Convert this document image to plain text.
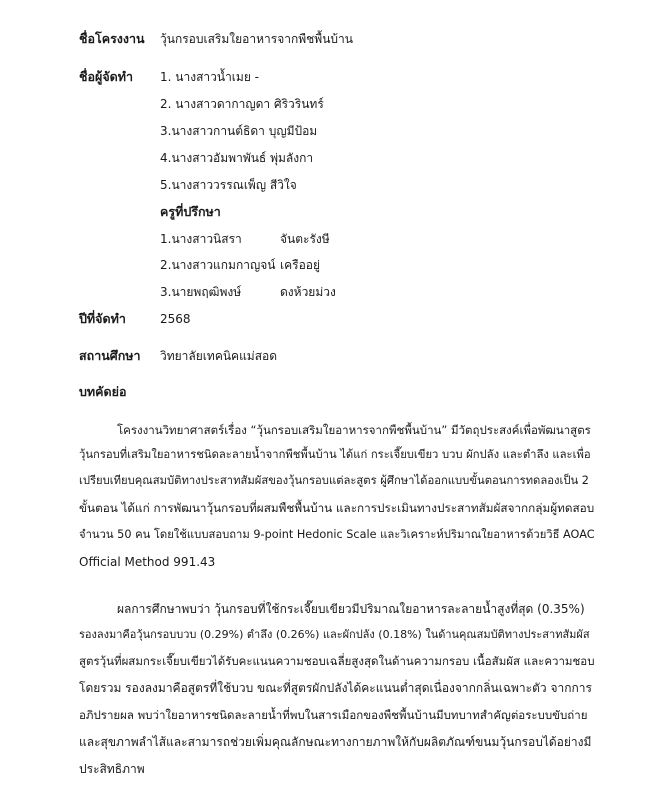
ชื่อโครงงาน วุ้นกรอบเสริมใยอาหารจากพืชพื้นบ้าน
ชื่อผู้จัดทำ 1. นางสาวน้ำเมย -
2. นางสาวดากาญดา ศิริวรินทร์
3.นางสาวกานต์ธิดา บุญมีป้อม
4.นางสาวอัมพาพันธ์ พุ่มลังกา
5.นางสาววรรณเพ็ญ สีวิใจ
ครูที่ปรึกษา
1.นางสาวนิสรา	จันตะรังษี
2.นางสาวแกมกาญจน์ เครืออยู่
3.นายพฤฒิพงษ์	ดงห้วยม่วง
ปีที่จัดทำ	2568
สถานศึกษา วิทยาลัยเทคนิคแม่สอด
บทคัดย่อ
โครงงานวิทยาศาสตร์เรื่อง “วุ้นกรอบเสริมใยอาหารจากพืชพื้นบ้าน” มีวัตถุประสงค์เพื่อพัฒนาสูตร
วุ้นกรอบที่เสริมใยอาหารชนิดละลายน้ำจากพืชพื้นบ้าน ได้แก่ กระเจี๊ยบเขียว บวบ ผักปลัง และตำลึง และเพื่อ
เปรียบเทียบคุณสมบัติทางประสาทสัมผัสของวุ้นกรอบแต่ละสูตร ผู้ศึกษาได้ออกแบบขั้นตอนการทดลองเป็น 2
ขั้นตอน ได้แก่ การพัฒนาวุ้นกรอบที่ผสมพืชพื้นบ้าน และการประเมินทางประสาทสัมผัสจากกลุ่มผู้ทดสอบ
จำนวน 50 คน โดยใช้แบบสอบถาม 9-point Hedonic Scale และวิเคราะห์ปริมาณใยอาหารด้วยวิธี AOAC
Official Method 991.43
ผลการศึกษาพบว่า วุ้นกรอบที่ใช้กระเจี๊ยบเขียวมีปริมาณใยอาหารละลายน้ำสูงที่สุด (0.35%)
รองลงมาคือวุ้นกรอบบวบ (0.29%) ตำลึง (0.26%) และผักปลัง (0.18%) ในด้านคุณสมบัติทางประสาทสัมผัส
สูตรวุ้นที่ผสมกระเจี๊ยบเขียวได้รับคะแนนความชอบเฉลี่ยสูงสุดในด้านความกรอบ เนื้อสัมผัส และความชอบ
โดยรวม รองลงมาคือสูตรที่ใช้บวบ ขณะที่สูตรผักปลังได้คะแนนต่ำสุดเนื่องจากกลิ่นเฉพาะตัว จากการ
อภิปรายผล พบว่าใยอาหารชนิดละลายน้ำที่พบในสารเมือกของพืชพื้นบ้านมีบทบาทสำคัญต่อระบบขับถ่าย
และสุขภาพลำไส้และสามารถช่วยเพิ่มคุณลักษณะทางกายภาพให้กับผลิตภัณฑ์ขนมวุ้นกรอบได้อย่างมี
ประสิทธิภาพ
